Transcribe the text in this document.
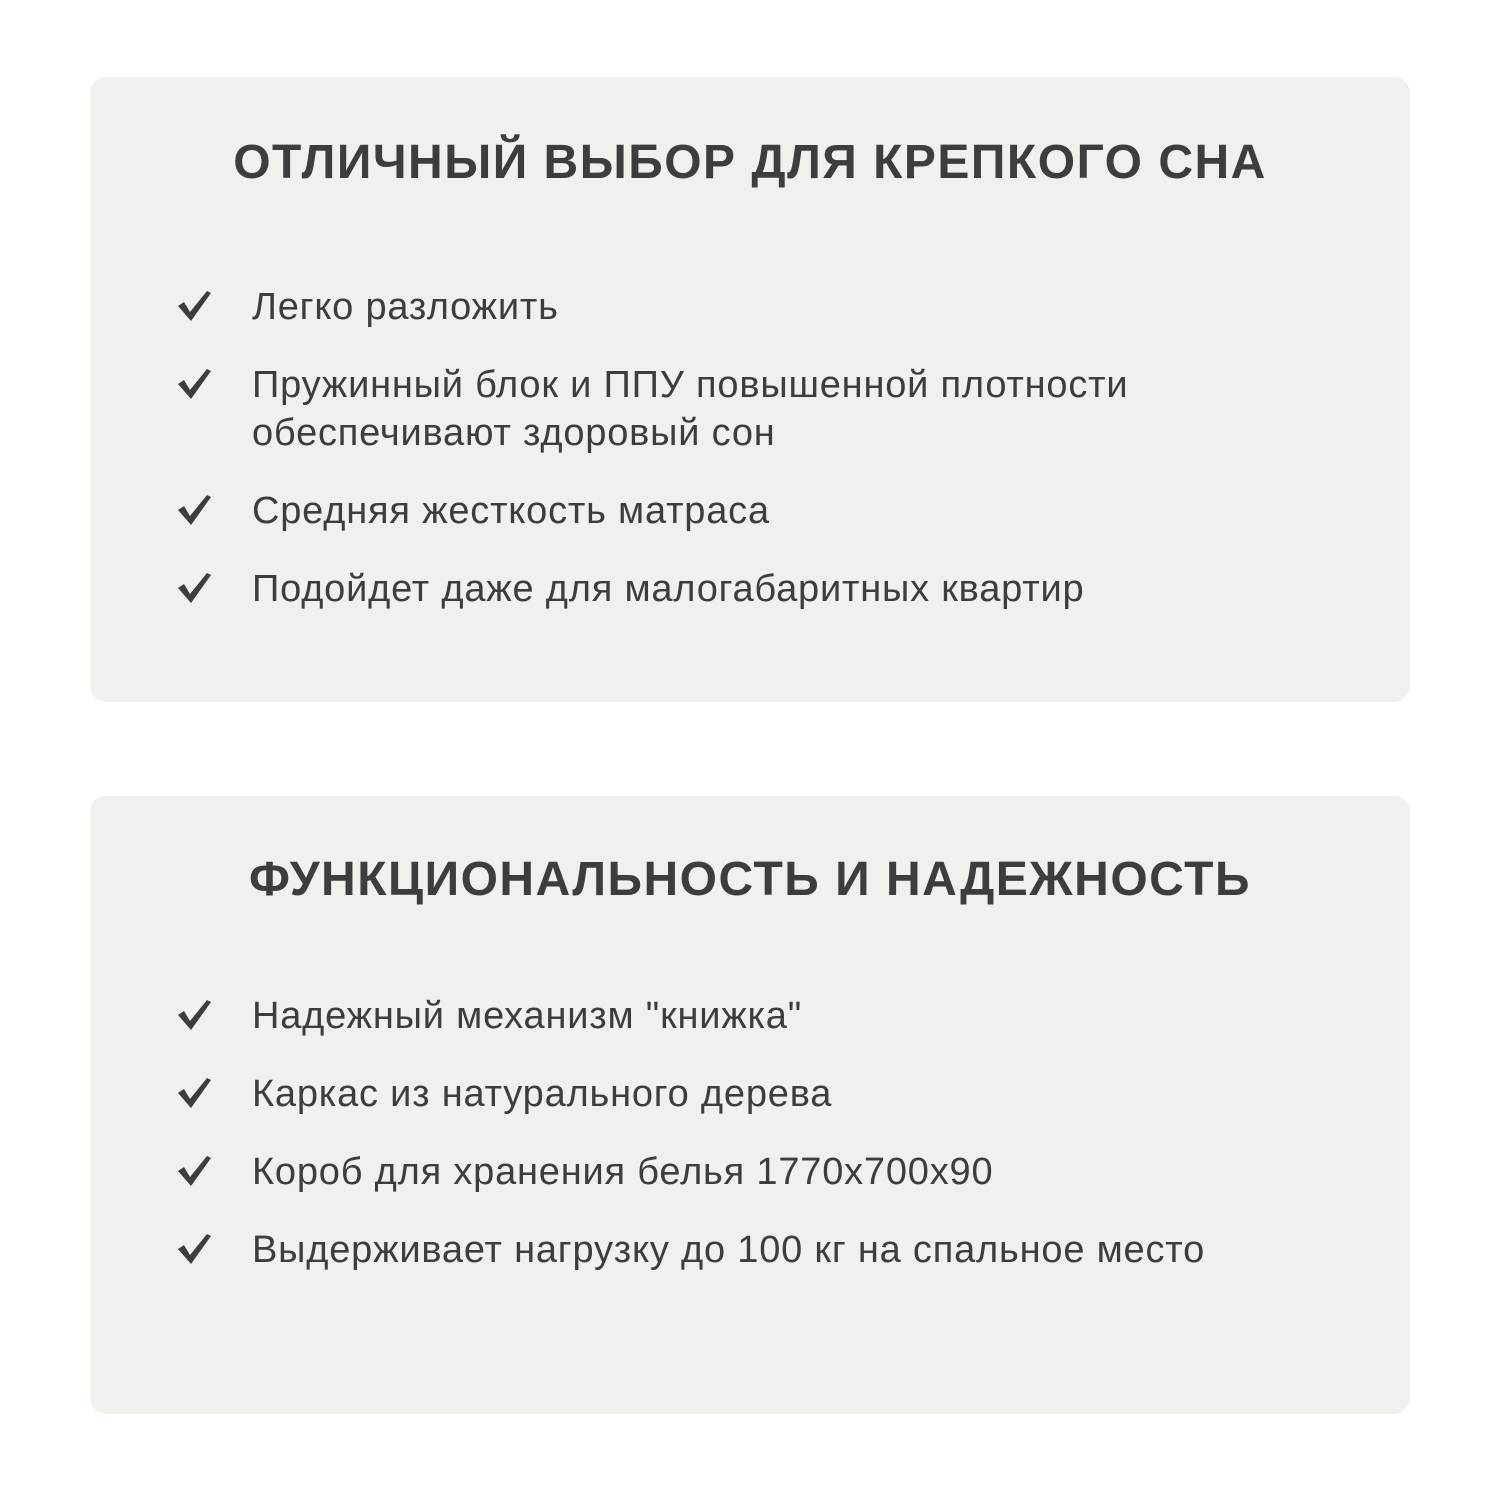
ОТЛИЧНЫЙ ВЫБОР ДЛЯ КРЕПКОГО СНА
Легко разложить
Пружинный блок и ППУ повышенной плотности обеспечивают здоровый сон
Средняя жесткость матраса
Подойдет даже для малогабаритных квартир
ФУНКЦИОНАЛЬНОСТЬ И НАДЕЖНОСТЬ
Надежный механизм "книжка"
Каркас из натурального дерева
Короб для хранения белья 1770х700х90
Выдерживает нагрузку до 100 кг на спальное место
